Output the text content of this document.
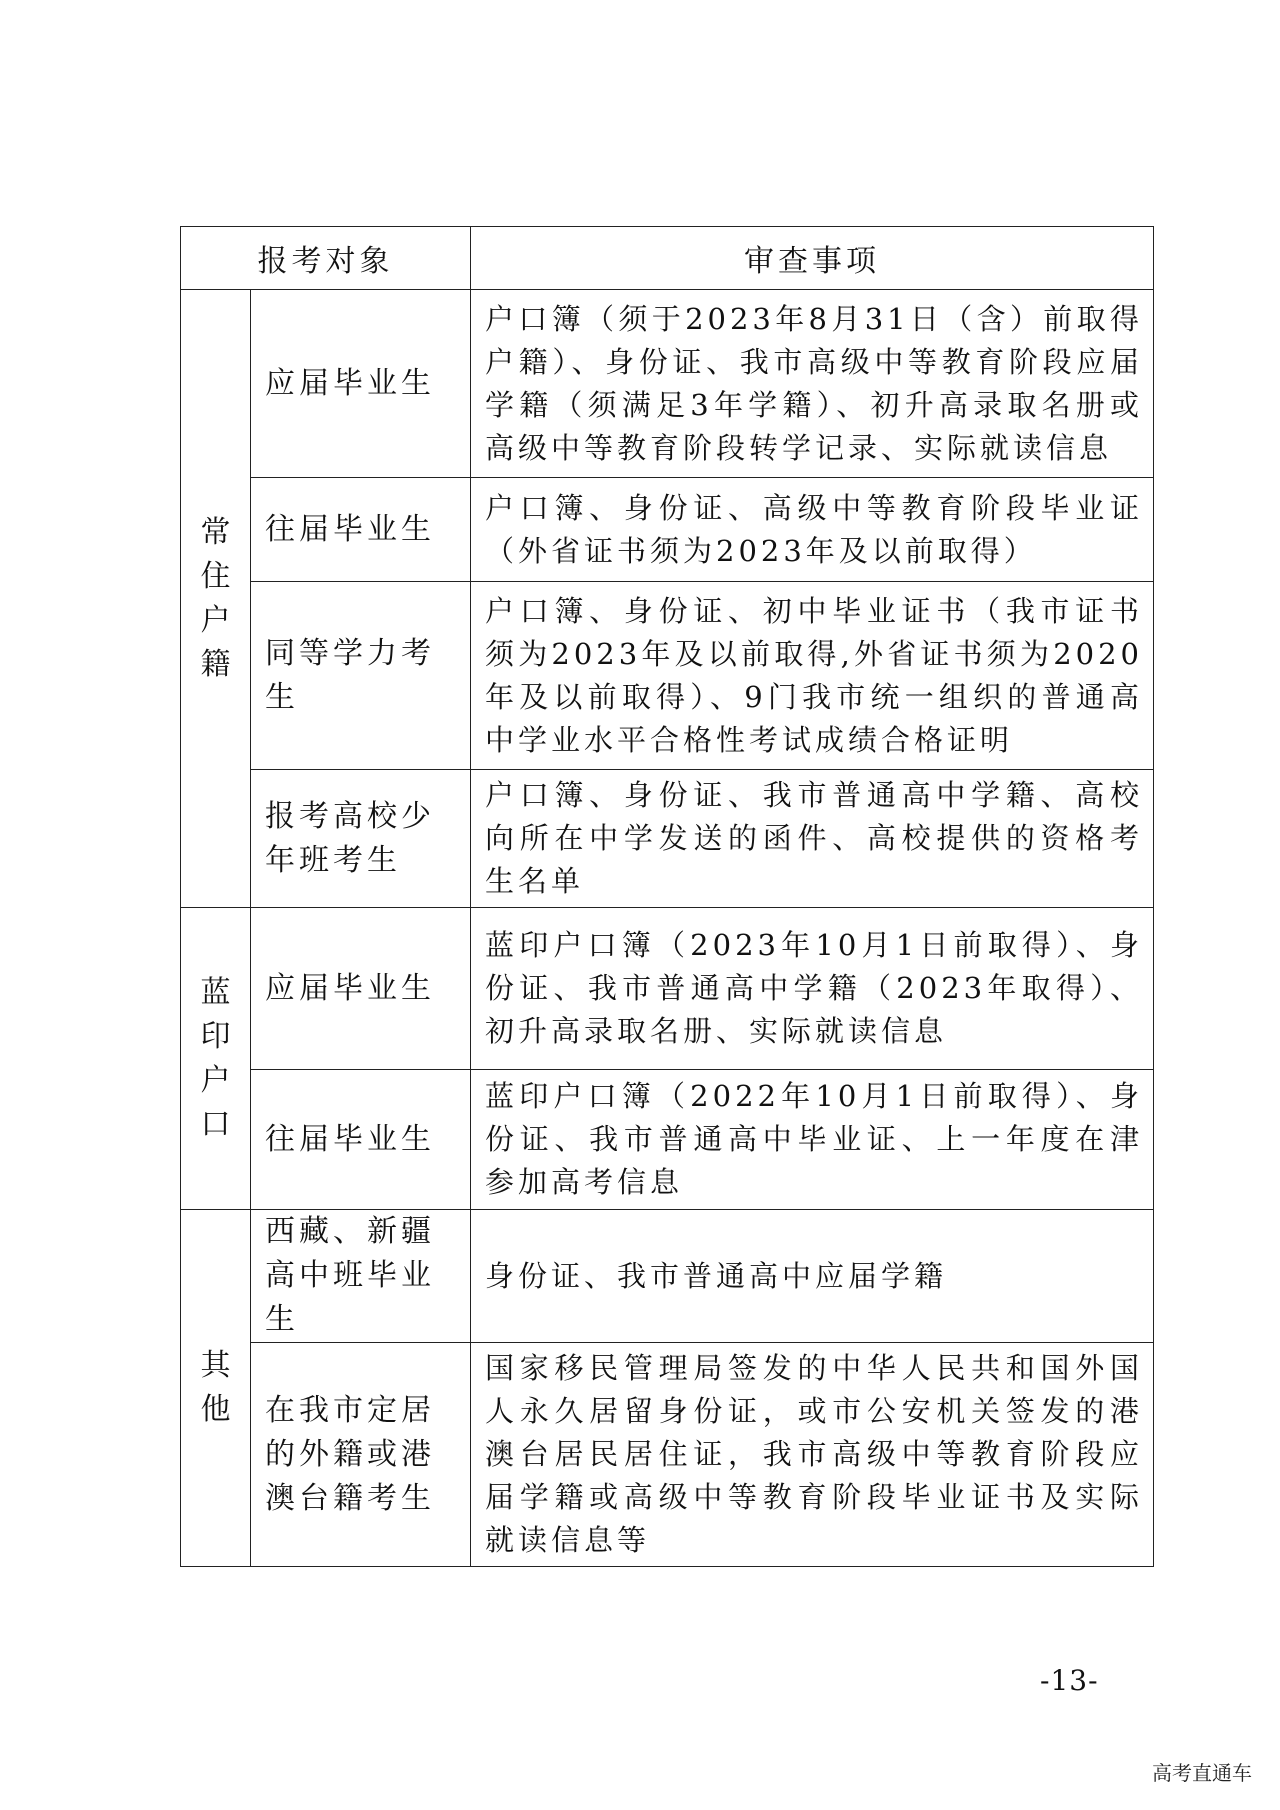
报考对象		审查事项

常
住
户
籍	应届毕业生	户口簿（须于2023年8月31日（含）前取得户籍）、身份证、我市高级中等教育阶段应届学籍（须满足3年学籍）、初升高录取名册或高级中等教育阶段转学记录、实际就读信息
	往届毕业生	户口簿、身份证、高级中等教育阶段毕业证（外省证书须为2023年及以前取得）
	同等学力考生	户口簿、身份证、初中毕业证书（我市证书须为2023年及以前取得,外省证书须为2020年及以前取得）、9门我市统一组织的普通高中学业水平合格性考试成绩合格证明
	报考高校少年班考生	户口簿、身份证、我市普通高中学籍、高校向所在中学发送的函件、高校提供的资格考生名单

蓝
印
户
口	应届毕业生	蓝印户口簿（2023年10月1日前取得）、身份证、我市普通高中学籍（2023年取得）、初升高录取名册、实际就读信息
	往届毕业生	蓝印户口簿（2022年10月1日前取得）、身份证、我市普通高中毕业证、上一年度在津参加高考信息

其
他	西藏、新疆高中班毕业生	身份证、我市普通高中应届学籍
	在我市定居的外籍或港澳台籍考生	国家移民管理局签发的中华人民共和国外国人永久居留身份证，或市公安机关签发的港澳台居民居住证，我市高级中等教育阶段应届学籍或高级中等教育阶段毕业证书及实际就读信息等
-13-
高考直通车
